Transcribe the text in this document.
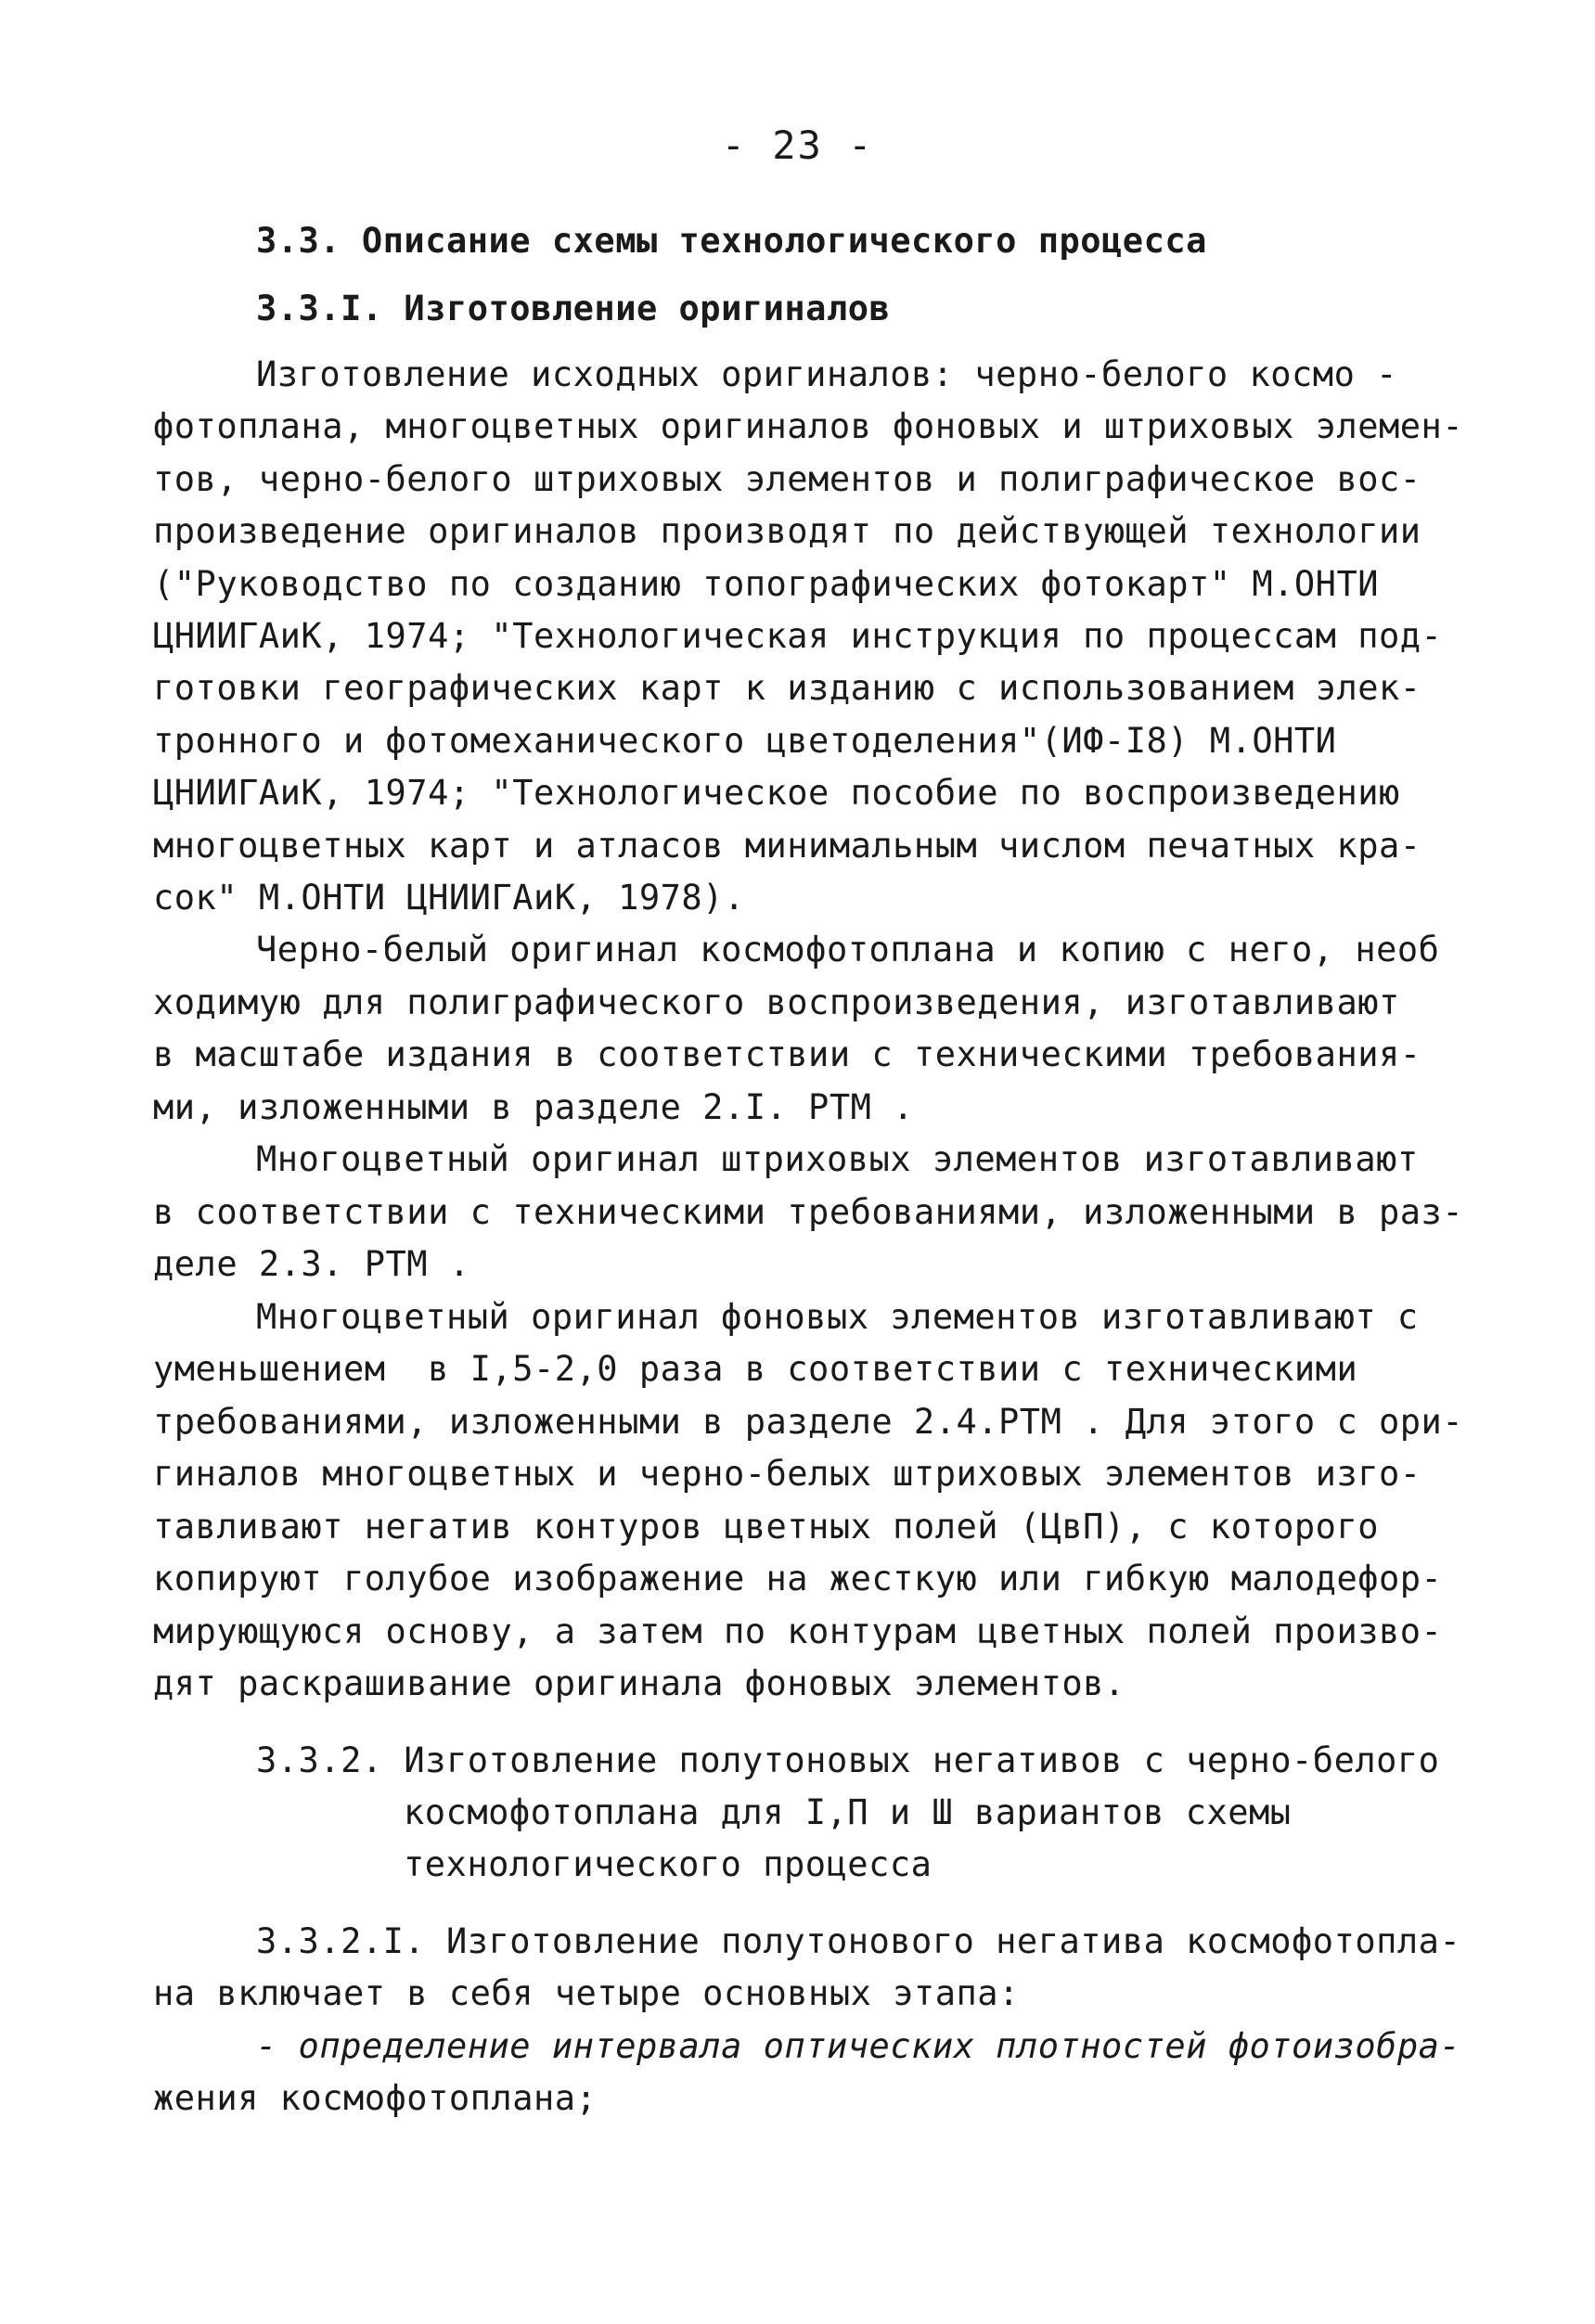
- 23 -
3.3. Описание схемы технологического процесса
3.3.I. Изготовление оригиналов
Изготовление исходных оригиналов: черно-белого космо -
фотоплана, многоцветных оригиналов фоновых и штриховых элемен-
тов, черно-белого штриховых элементов и полиграфическое вос-
произведение оригиналов производят по действующей технологии
("Руководство по созданию топографических фотокарт" М.ОНТИ
ЦНИИГАиК, 1974; "Технологическая инструкция по процессам под-
готовки географических карт к изданию с использованием элек-
тронного и фотомеханического цветоделения"(ИФ-I8) М.ОНТИ
ЦНИИГАиК, 1974; "Технологическое пособие по воспроизведению
многоцветных карт и атласов минимальным числом печатных кра-
сок" М.ОНТИ ЦНИИГАиК, 1978).
Черно-белый оригинал космофотоплана и копию с него, необ
ходимую для полиграфического воспроизведения, изготавливают
в масштабе издания в соответствии с техническими требования-
ми, изложенными в разделе 2.I. РТМ .
Многоцветный оригинал штриховых элементов изготавливают
в соответствии с техническими требованиями, изложенными в раз-
деле 2.3. РТМ .
Многоцветный оригинал фоновых элементов изготавливают с
уменьшением  в I,5-2,0 раза в соответствии с техническими
требованиями, изложенными в разделе 2.4.РТМ . Для этого с ори-
гиналов многоцветных и черно-белых штриховых элементов изго-
тавливают негатив контуров цветных полей (ЦвП), с которого
копируют голубое изображение на жесткую или гибкую малодефор-
мирующуюся основу, а затем по контурам цветных полей произво-
дят раскрашивание оригинала фоновых элементов.
3.3.2. Изготовление полутоновых негативов с черно-белого
космофотоплана для I,П и Ш вариантов схемы
технологического процесса
3.3.2.I. Изготовление полутонового негатива космофотопла-
на включает в себя четыре основных этапа:
- определение интервала оптических плотностей фотоизобра-
жения космофотоплана;
